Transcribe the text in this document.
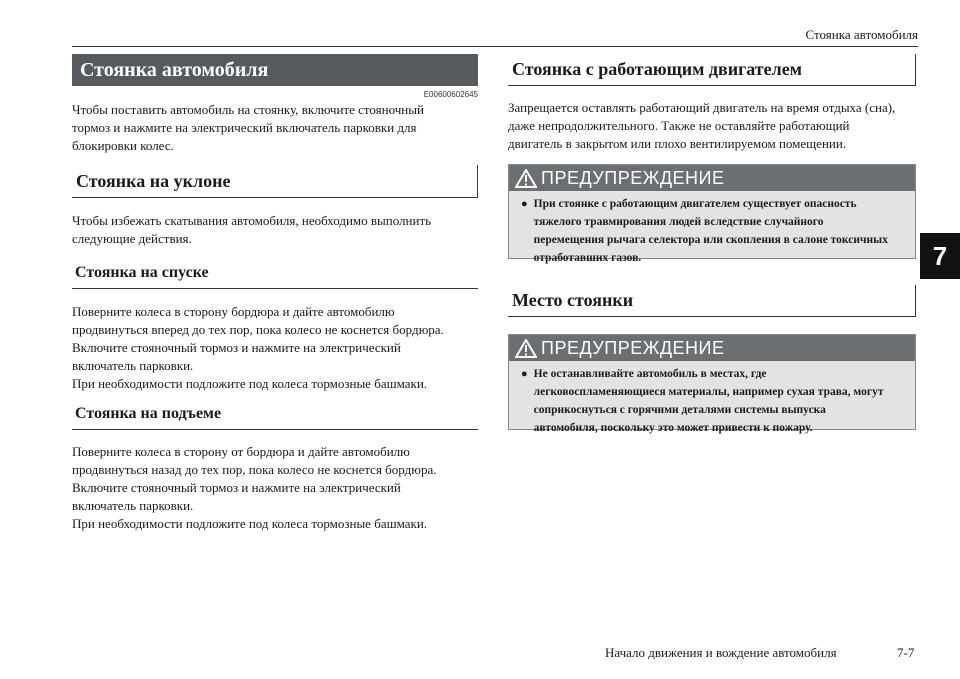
Стоянка автомобиля
Стоянка автомобиля
E00600602645

Чтобы поставить автомобиль на стоянку, включите стояночный

тормоз и нажмите на электрический включатель парковки для

блокировки колес.

Стоянка на уклоне

Чтобы избежать скатывания автомобиля, необходимо выполнить

следующие действия.

Стоянка на спуске

Поверните колеса в сторону бордюра и дайте автомобилю

продвинуться вперед до тех пор, пока колесо не коснется бордюра.

Включите стояночный тормоз и нажмите на электрический

включатель парковки.

При необходимости подложите под колеса тормозные башмаки.

Стоянка на подъеме

Поверните колеса в сторону от бордюра и дайте автомобилю

продвинуться назад до тех пор, пока колесо не коснется бордюра.

Включите стояночный тормоз и нажмите на электрический

включатель парковки.

При необходимости подложите под колеса тормозные башмаки.

Стоянка с работающим двигателем

Запрещается оставлять работающий двигатель на время отдыха (сна),

даже непродолжительного. Также не оставляйте работающий

двигатель в закрытом или плохо вентилируемом помещении.

ПРЕДУПРЕЖДЕНИЕ
● При стоянке с работающим двигателем существует опасность
тяжелого травмирования людей вследствие случайного
перемещения рычага селектора или скопления в салоне токсичных
отработавших газов.
Место стоянки
ПРЕДУПРЕЖДЕНИЕ
● Не останавливайте автомобиль в местах, где
легковоспламеняющиеся материалы, например сухая трава, могут
соприкоснуться с горячими деталями системы выпуска
автомобиля, поскольку это может привести к пожару.
7
Начало движения и вождение автомобиля	7-7
